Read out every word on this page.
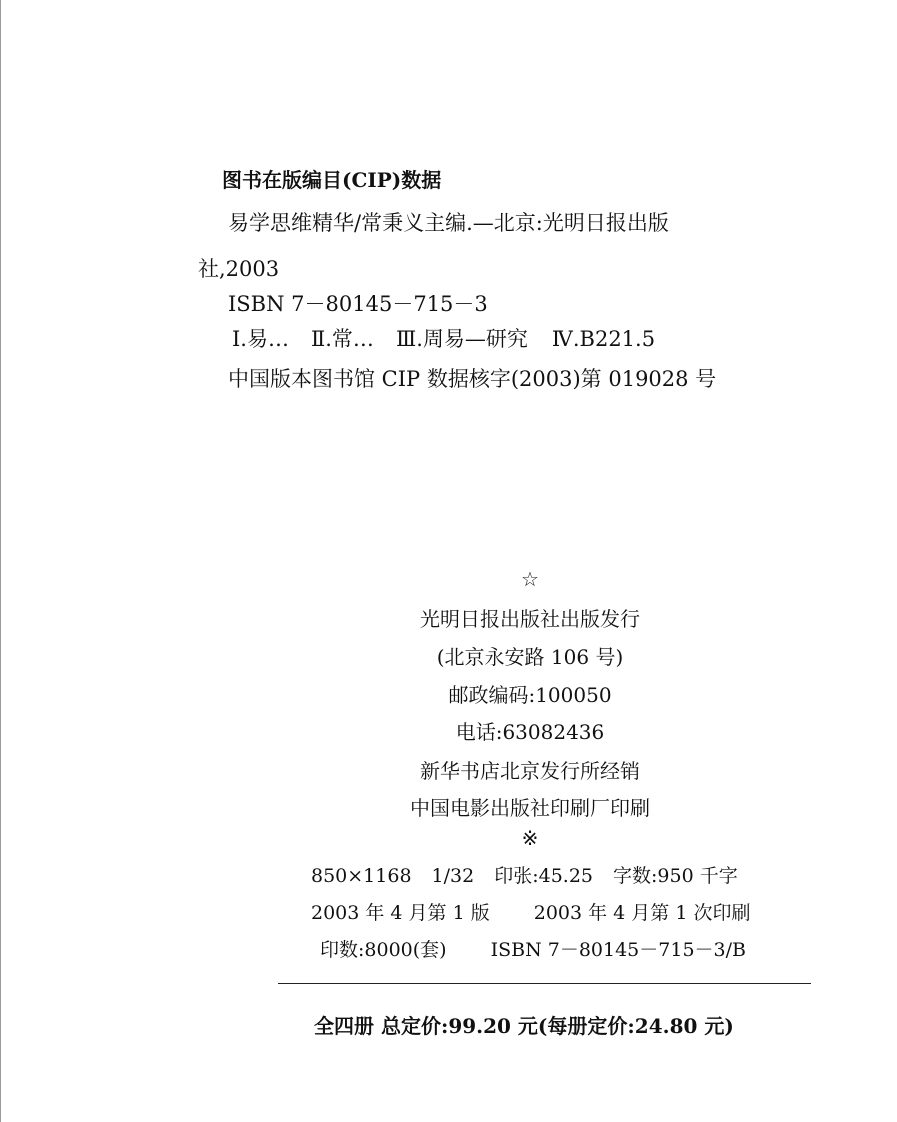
图书在版编目(CIP)数据
易学思维精华/常秉义主编.—北京:光明日报出版
社,2003
ISBN 7－80145－715－3
Ⅰ.易… Ⅱ.常… Ⅲ.周易—研究 Ⅳ.B221.5
中国版本图书馆 CIP 数据核字(2003)第 019028 号
☆
光明日报出版社出版发行
(北京永安路 106 号)
邮政编码:100050
电话:63082436
新华书店北京发行所经销
中国电影出版社印刷厂印刷
※
850×1168 1/32 印张:45.25 字数:950 千字
2003 年 4 月第 1 版 2003 年 4 月第 1 次印刷
印数:8000(套) ISBN 7－80145－715－3/B
全四册 总定价:99.20 元(每册定价:24.80 元)
